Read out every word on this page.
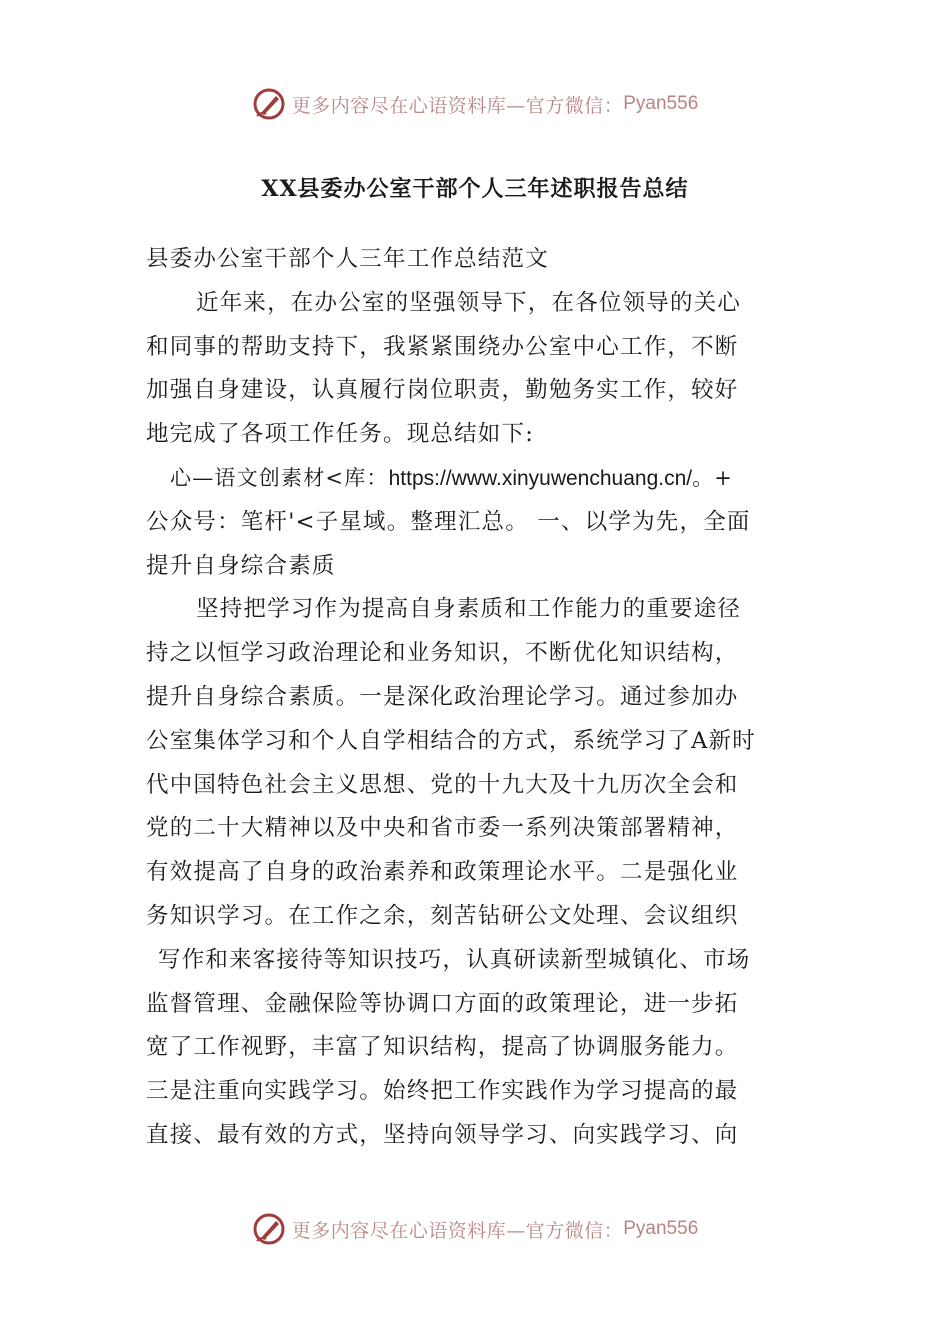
更多内容尽在心语资料库—官方微信： Pyan556
XX县委办公室干部个人三年述职报告总结
县委办公室干部个人三年工作总结范文
近年来，在办公室的坚强领导下，在各位领导的关心
和同事的帮助支持下，我紧紧围绕办公室中心工作，不断
加强自身建设，认真履行岗位职责，勤勉务实工作，较好
地完成了各项工作任务。现总结如下:
心—语文创素材<库：https://www.xinyuwenchuang.cn/。+
公众号：笔杆'<子星域。整理汇总。 一、以学为先，全面
提升自身综合素质
坚持把学习作为提高自身素质和工作能力的重要途径
持之以恒学习政治理论和业务知识，不断优化知识结构，
提升自身综合素质。一是深化政治理论学习。通过参加办
公室集体学习和个人自学相结合的方式，系统学习了A新时
代中国特色社会主义思想、党的十九大及十九历次全会和
党的二十大精神以及中央和省市委一系列决策部署精神，
有效提高了自身的政治素养和政策理论水平。二是强化业
务知识学习。在工作之余，刻苦钻研公文处理、会议组织
写作和来客接待等知识技巧，认真研读新型城镇化、市场
监督管理、金融保险等协调口方面的政策理论，进一步拓
宽了工作视野，丰富了知识结构，提高了协调服务能力。
三是注重向实践学习。始终把工作实践作为学习提高的最
直接、最有效的方式，坚持向领导学习、向实践学习、向
更多内容尽在心语资料库—官方微信： Pyan556
